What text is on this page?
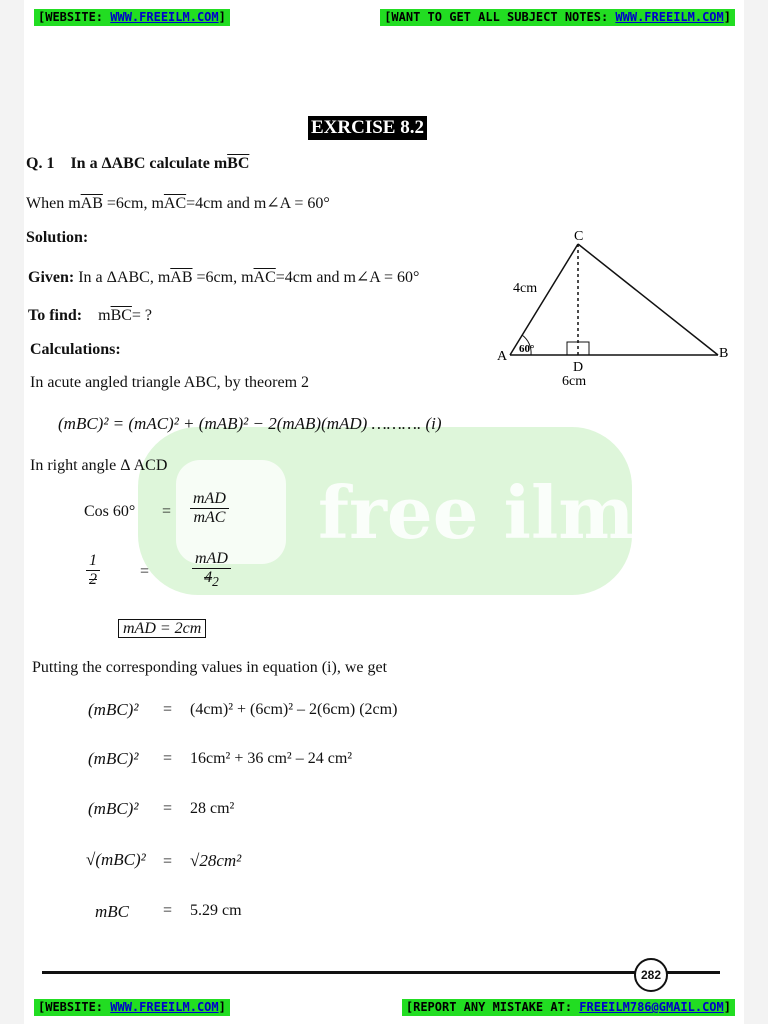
[WEBSITE: WWW.FREEILM.COM]	[WANT TO GET ALL SUBJECT NOTES: WWW.FREEILM.COM]
free ilm.
EXRCISE 8.2
Q. 1 In a ΔABC calculate $m\overline{BC}$
When $m\overline{AB} =6cm$, $m\overline{AC}=4cm$ and m∠A = 60°
Solution:
Given: In a ΔABC, $m\overline{AB} =6cm$, $m\overline{AC}=4cm$ and m∠A = 60°
To find: $m\overline{BC}=$ ?
Calculations:
In acute angled triangle ABC, by theorem 2
(mBC)² = (mAC)² + (mAB)² − 2(mAB)(mAD) ………. (i)
In right angle Δ ACD
Cos $60^\circ = \frac{\text{mAD}}{\text{mAC}}$
$\frac{1}{2}$	=	$\frac{\text{mAD}}{4_2}$
mAD = 2cm
Putting the corresponding values in equation (i), we get
(mBC)² = (4cm)² + (6cm)² – 2(6cm) (2cm)
(mBC)² = 16cm² + 36 cm² – 24 cm²
(mBC)² = 28 cm²
√(mBC)² = √28cm²
mBC = 5.29 cm
C
A	B
D
4cm
6cm
60°
282
[WEBSITE: WWW.FREEILM.COM]	[REPORT ANY MISTAKE AT: FREEILM786@GMAIL.COM]
